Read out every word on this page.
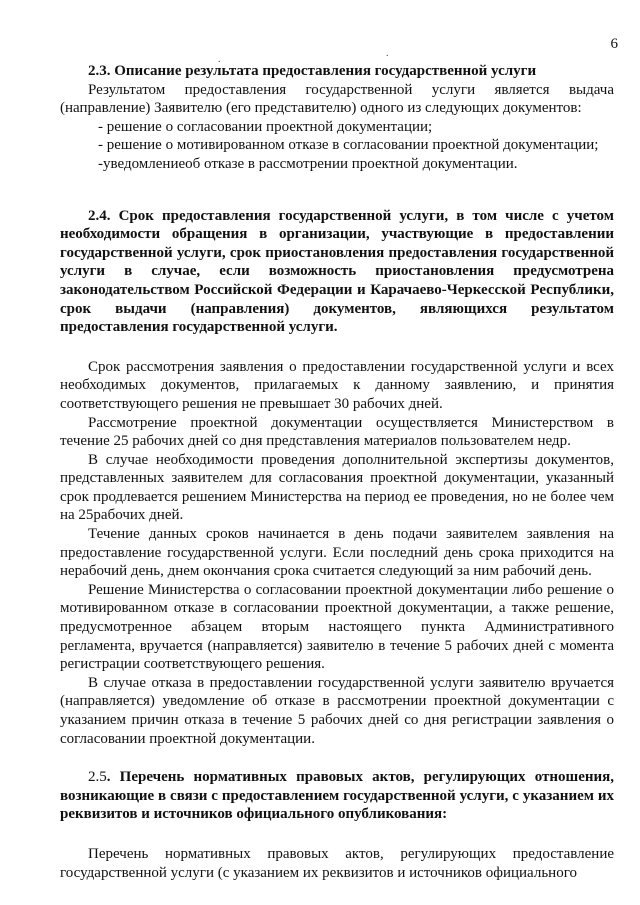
.
.
6

2.3. Описание результата предоставления государственной услуги

Результатом предоставления государственной услуги является выдача (направление) Заявителю (его представителю) одного из следующих документов:

- решение о согласовании проектной документации;

- решение о мотивированном отказе в согласовании проектной документации;

-уведомлениеоб отказе в рассмотрении проектной документации.

2.4. Срок предоставления государственной услуги, в том числе с учетом необходимости обращения в организации, участвующие в предоставлении государственной услуги, срок приостановления предоставления государственной услуги в случае, если возможность приостановления предусмотрена законодательством Российской Федерации и Карачаево-Черкесской Республики, срок выдачи (направления) документов, являющихся результатом предоставления государственной услуги.

Срок рассмотрения заявления о предоставлении государственной услуги и всех необходимых документов, прилагаемых к данному заявлению, и принятия соответствующего решения не превышает 30 рабочих дней.

Рассмотрение проектной документации осуществляется Министерством в течение 25 рабочих дней со дня представления материалов пользователем недр.

В случае необходимости проведения дополнительной экспертизы документов, представленных заявителем для согласования проектной документации, указанный срок продлевается решением Министерства на период ее проведения, но не более чем на 25рабочих дней.

Течение данных сроков начинается в день подачи заявителем заявления на предоставление государственной услуги. Если последний день срока приходится на нерабочий день, днем окончания срока считается следующий за ним рабочий день.

Решение Министерства о согласовании проектной документации либо решение о мотивированном отказе в согласовании проектной документации, а также решение, предусмотренное абзацем вторым настоящего пункта Административного регламента, вручается (направляется) заявителю в течение 5 рабочих дней с момента регистрации соответствующего решения.

В случае отказа в предоставлении государственной услуги заявителю вручается (направляется) уведомление об отказе в рассмотрении проектной документации с указанием причин отказа в течение 5 рабочих дней со дня регистрации заявления о согласовании проектной документации.

2.5. Перечень нормативных правовых актов, регулирующих отношения, возникающие в связи с предоставлением государственной услуги, с указанием их реквизитов и источников официального опубликования:

Перечень нормативных правовых актов, регулирующих предоставление государственной услуги (с указанием их реквизитов и источников официального
